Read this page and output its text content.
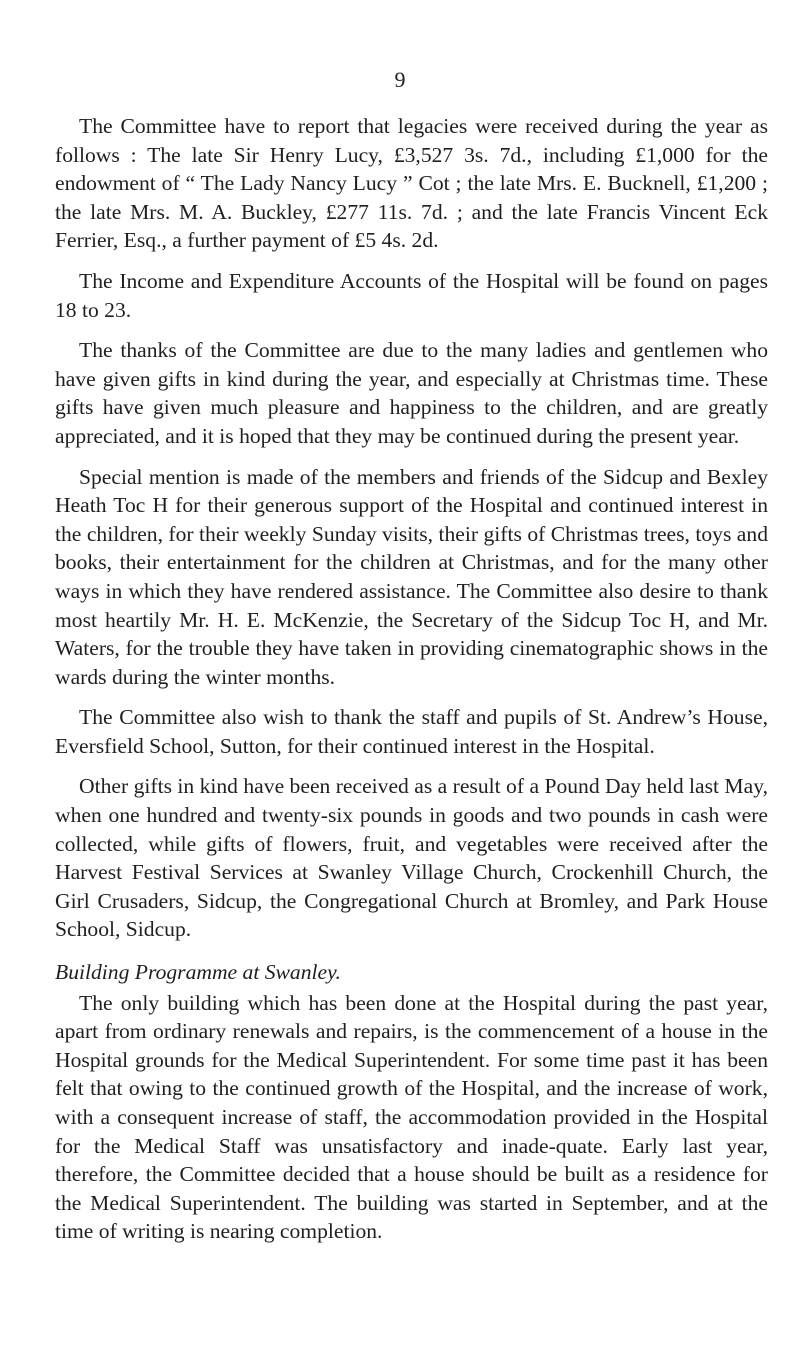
9

The Committee have to report that legacies were received during the year as follows : The late Sir Henry Lucy, £3,527 3s. 7d., including £1,000 for the endowment of “ The Lady Nancy Lucy ” Cot ; the late Mrs. E. Bucknell, £1,200 ; the late Mrs. M. A. Buckley, £277 11s. 7d. ; and the late Francis Vincent Eck Ferrier, Esq., a further payment of £5 4s. 2d.

The Income and Expenditure Accounts of the Hospital will be found on pages 18 to 23.

The thanks of the Committee are due to the many ladies and gentlemen who have given gifts in kind during the year, and especially at Christmas time. These gifts have given much pleasure and happiness to the children, and are greatly appreciated, and it is hoped that they may be continued during the present year.

Special mention is made of the members and friends of the Sidcup and Bexley Heath Toc H for their generous support of the Hospital and continued interest in the children, for their weekly Sunday visits, their gifts of Christmas trees, toys and books, their entertainment for the children at Christmas, and for the many other ways in which they have rendered assistance. The Committee also desire to thank most heartily Mr. H. E. McKenzie, the Secretary of the Sidcup Toc H, and Mr. Waters, for the trouble they have taken in providing cinematographic shows in the wards during the winter months.

The Committee also wish to thank the staff and pupils of St. Andrew’s House, Eversfield School, Sutton, for their continued interest in the Hospital.

Other gifts in kind have been received as a result of a Pound Day held last May, when one hundred and twenty-six pounds in goods and two pounds in cash were collected, while gifts of flowers, fruit, and vegetables were received after the Harvest Festival Services at Swanley Village Church, Crockenhill Church, the Girl Crusaders, Sidcup, the Congregational Church at Bromley, and Park House School, Sidcup.

Building Programme at Swanley.

The only building which has been done at the Hospital during the past year, apart from ordinary renewals and repairs, is the commencement of a house in the Hospital grounds for the Medical Superintendent. For some time past it has been felt that owing to the continued growth of the Hospital, and the increase of work, with a consequent increase of staff, the accommodation provided in the Hospital for the Medical Staff was unsatisfactory and inade-quate. Early last year, therefore, the Committee decided that a house should be built as a residence for the Medical Superintendent. The building was started in September, and at the time of writing is nearing completion.
